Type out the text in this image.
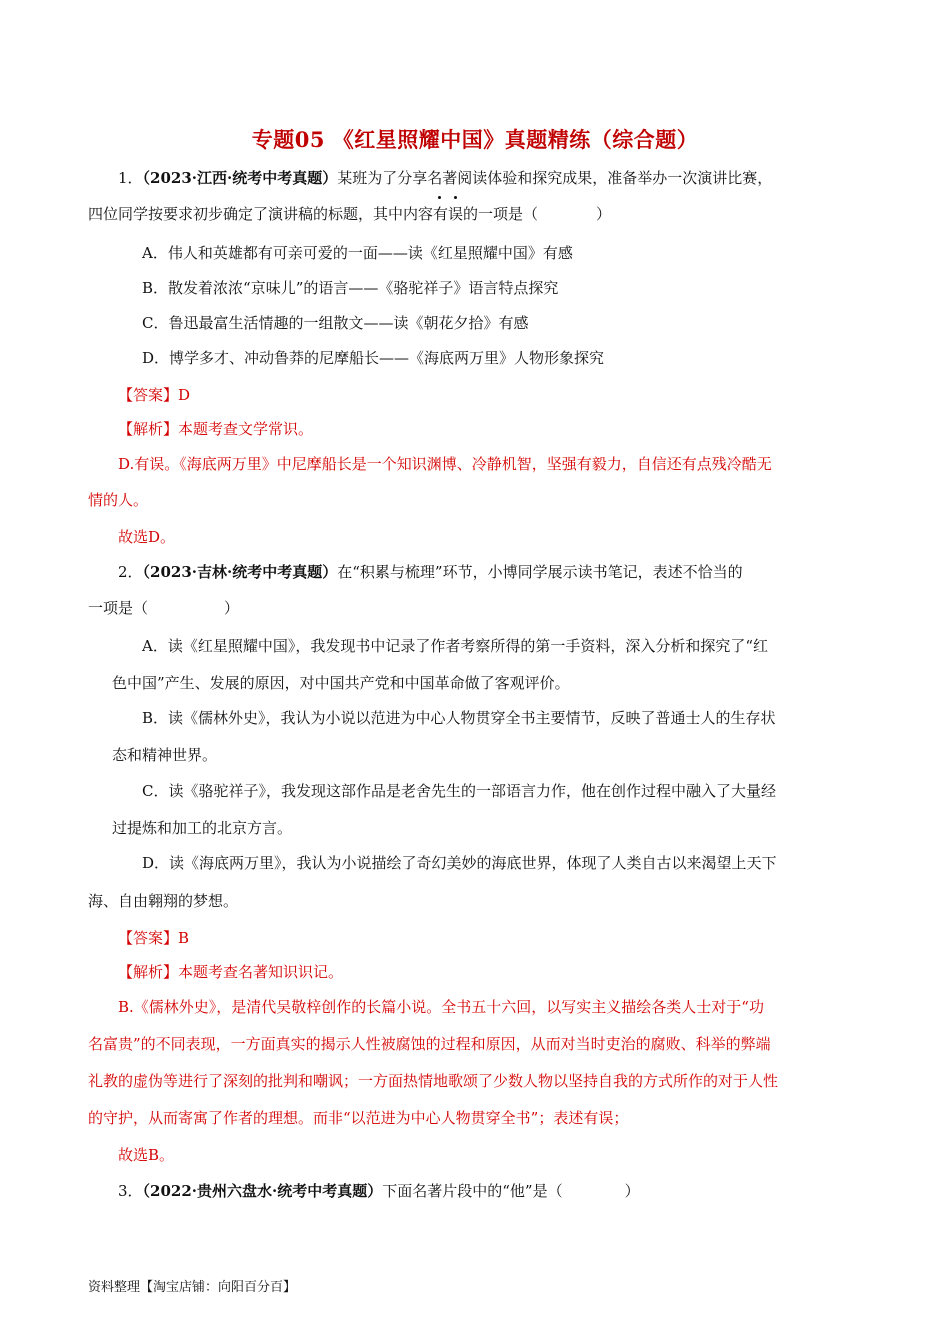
专题05 《红星照耀中国》真题精练（综合题）
1．（2023·江西·统考中考真题）某班为了分享名著阅读体验和探究成果，准备举办一次演讲比赛，
四位同学按要求初步确定了演讲稿的标题，其中内容
有误的一项是（	）
A．伟人和英雄都有可亲可爱的一面——读《红星照耀中国》有感
B．散发着浓浓“京味儿”的语言——《骆驼祥子》语言特点探究
C．鲁迅最富生活情趣的一组散文——读《朝花夕拾》有感
D．博学多才、冲动鲁莽的尼摩船长——《海底两万里》人物形象探究
【答案】D
【解析】本题考查文学常识。
D.有误。《海底两万里》中尼摩船长是一个知识渊博、冷静机智，坚强有毅力，自信还有点残冷酷无
情的人。
故选D。
2．（2023·吉林·统考中考真题）在“积累与梳理”环节，小博同学展示读书笔记，表述不恰当的
一项是（	）
A．读《红星照耀中国》，我发现书中记录了作者考察所得的第一手资料，深入分析和探究了“红
色中国”产生、发展的原因，对中国共产党和中国革命做了客观评价。
B．读《儒林外史》，我认为小说以范进为中心人物贯穿全书主要情节，反映了普通士人的生存状
态和精神世界。
C．读《骆驼祥子》，我发现这部作品是老舍先生的一部语言力作，他在创作过程中融入了大量经
过提炼和加工的北京方言。
D．读《海底两万里》，我认为小说描绘了奇幻美妙的海底世界，体现了人类自古以来渴望上天下
海、自由翱翔的梦想。
【答案】B
【解析】本题考查名著知识识记。
B.《儒林外史》，是清代吴敬梓创作的长篇小说。全书五十六回，以写实主义描绘各类人士对于“功
名富贵”的不同表现，一方面真实的揭示人性被腐蚀的过程和原因，从而对当时吏治的腐败、科举的弊端
礼教的虚伪等进行了深刻的批判和嘲讽；一方面热情地歌颂了少数人物以坚持自我的方式所作的对于人性
的守护，从而寄寓了作者的理想。而非“以范进为中心人物贯穿全书”；表述有误；
故选B。
3．（2022·贵州六盘水·统考中考真题）下面名著片段中的“他”是（	）
资料整理【淘宝店铺：向阳百分百】
